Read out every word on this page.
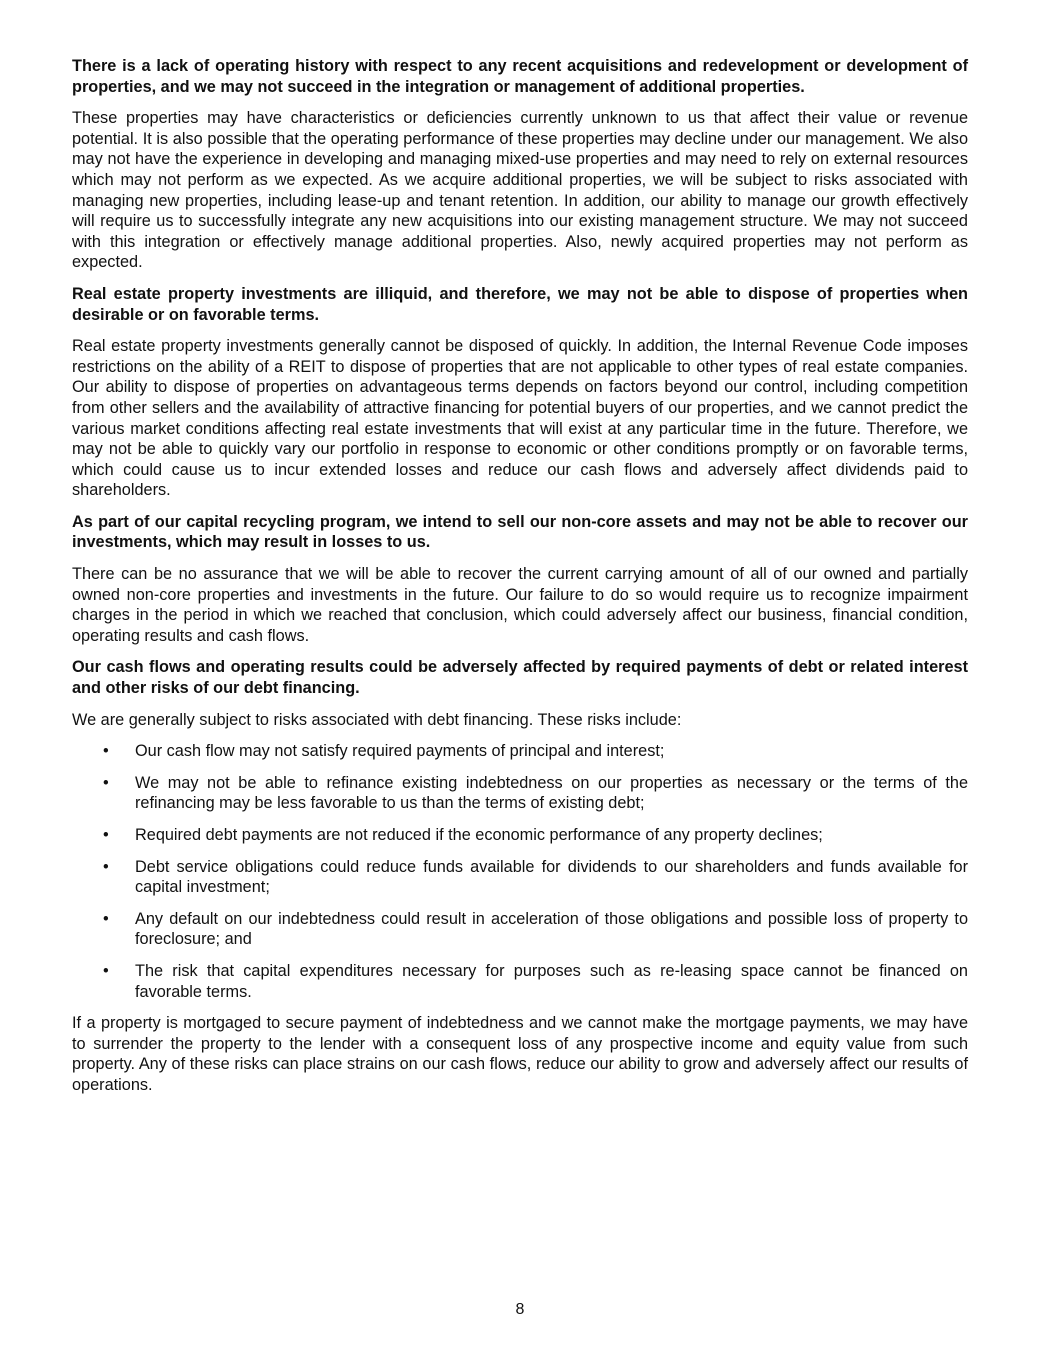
There is a lack of operating history with respect to any recent acquisitions and redevelopment or development of properties, and we may not succeed in the integration or management of additional properties.

These properties may have characteristics or deficiencies currently unknown to us that affect their value or revenue potential. It is also possible that the operating performance of these properties may decline under our management. We also may not have the experience in developing and managing mixed-use properties and may need to rely on external resources which may not perform as we expected. As we acquire additional properties, we will be subject to risks associated with managing new properties, including lease-up and tenant retention. In addition, our ability to manage our growth effectively will require us to successfully integrate any new acquisitions into our existing management structure. We may not succeed with this integration or effectively manage additional properties. Also, newly acquired properties may not perform as expected.

Real estate property investments are illiquid, and therefore, we may not be able to dispose of properties when desirable or on favorable terms.

Real estate property investments generally cannot be disposed of quickly. In addition, the Internal Revenue Code imposes restrictions on the ability of a REIT to dispose of properties that are not applicable to other types of real estate companies. Our ability to dispose of properties on advantageous terms depends on factors beyond our control, including competition from other sellers and the availability of attractive financing for potential buyers of our properties, and we cannot predict the various market conditions affecting real estate investments that will exist at any particular time in the future. Therefore, we may not be able to quickly vary our portfolio in response to economic or other conditions promptly or on favorable terms, which could cause us to incur extended losses and reduce our cash flows and adversely affect dividends paid to shareholders.

As part of our capital recycling program, we intend to sell our non-core assets and may not be able to recover our investments, which may result in losses to us.

There can be no assurance that we will be able to recover the current carrying amount of all of our owned and partially owned non-core properties and investments in the future. Our failure to do so would require us to recognize impairment charges in the period in which we reached that conclusion, which could adversely affect our business, financial condition, operating results and cash flows.

Our cash flows and operating results could be adversely affected by required payments of debt or related interest and other risks of our debt financing.

We are generally subject to risks associated with debt financing. These risks include:

• Our cash flow may not satisfy required payments of principal and interest;
• We may not be able to refinance existing indebtedness on our properties as necessary or the terms of the refinancing may be less favorable to us than the terms of existing debt;
• Required debt payments are not reduced if the economic performance of any property declines;
• Debt service obligations could reduce funds available for dividends to our shareholders and funds available for capital investment;
• Any default on our indebtedness could result in acceleration of those obligations and possible loss of property to foreclosure; and
• The risk that capital expenditures necessary for purposes such as re-leasing space cannot be financed on favorable terms.

If a property is mortgaged to secure payment of indebtedness and we cannot make the mortgage payments, we may have to surrender the property to the lender with a consequent loss of any prospective income and equity value from such property. Any of these risks can place strains on our cash flows, reduce our ability to grow and adversely affect our results of operations.

8
